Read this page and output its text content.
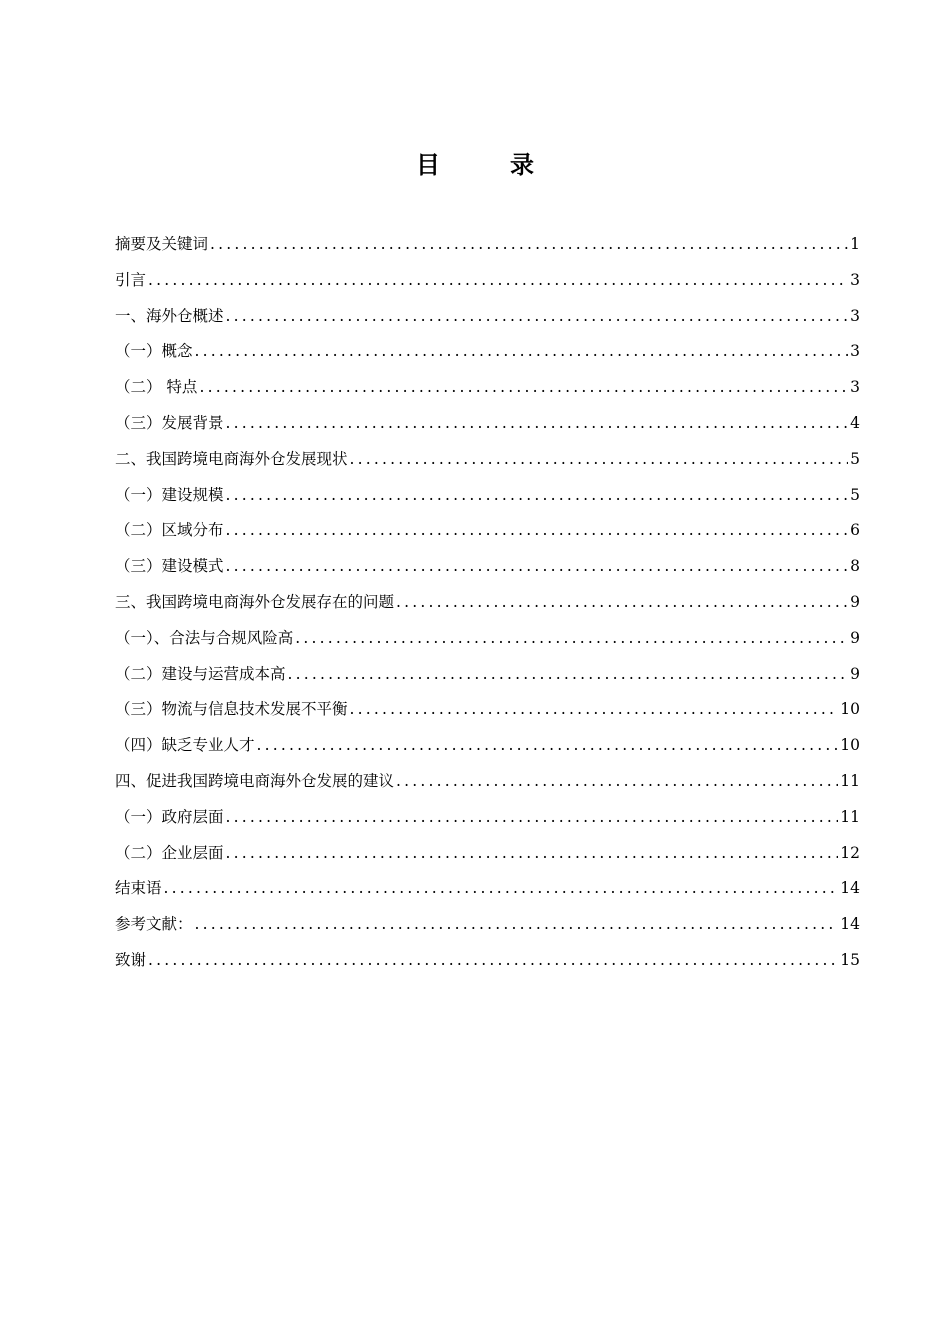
目	录
摘要及关键词 .....	1
引言 .....	3
一、海外仓概述 .....	3
（一）概念 .....	3
（二） 特点 .....	3
（三）发展背景 .....	4
二、我国跨境电商海外仓发展现状 .....	5
（一）建设规模 .....	5
（二）区域分布 .....	6
（三）建设模式 .....	8
三、我国跨境电商海外仓发展存在的问题 .....	9
（一）、合法与合规风险高 .....	9
（二）建设与运营成本高 .....	9
（三）物流与信息技术发展不平衡 .....	10
（四）缺乏专业人才 .....	10
四、促进我国跨境电商海外仓发展的建议 .....	11
（一）政府层面 .....	11
（二）企业层面 .....	12
结束语 .....	14
参考文献： .....	14
致谢 .....	15
